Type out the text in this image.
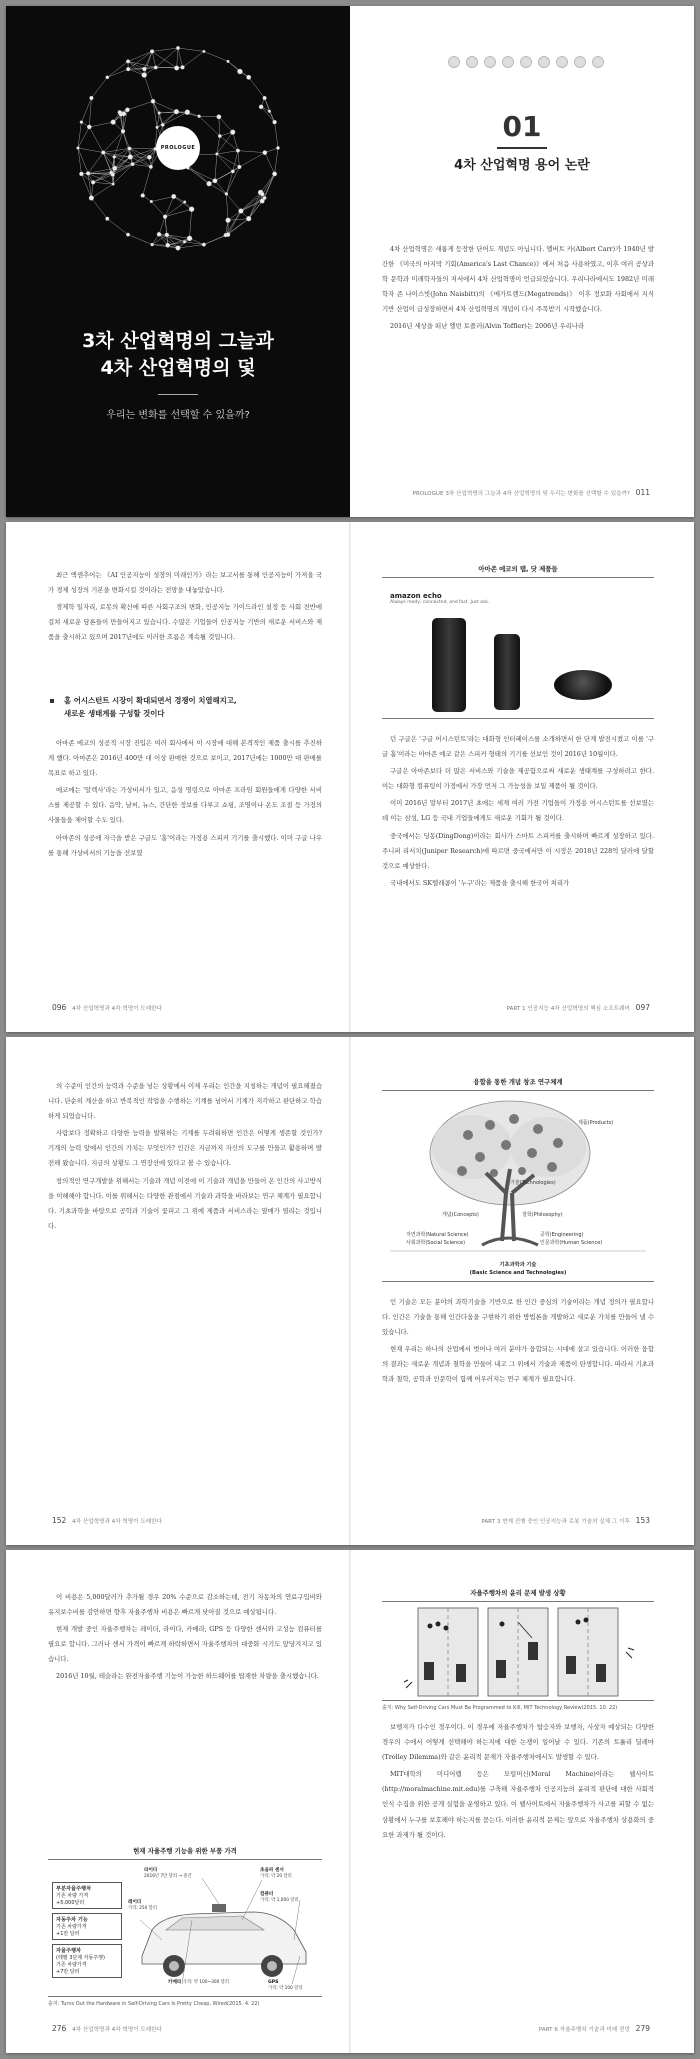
PROLOGUE
3차 산업혁명의 그늘과
4차 산업혁명의 덫
우리는 변화를 선택할 수 있을까?
01
4차 산업혁명 용어 논란

4차 산업혁명은 새롭게 등장한 단어도 개념도 아닙니다. 엘버트 카(Albert Carr)가 1940년 발간한 《미국의 마지막 기회(America's Last Chance)》에서 처음 사용하였고, 이후 여러 공상과학 문학과 미래학자들의 저서에서 4차 산업혁명이 언급되었습니다. 우리나라에서도 1982년 미래학자 존 나이스빗(John Naisbitt)의 《메가트렌드(Megatrends)》 이후 정보화 사회에서 지식 기반 산업이 급성장하면서 4차 산업혁명의 개념이 다시 주목받기 시작했습니다.

2016년 세상을 떠난 엘빈 토플러(Alvin Toffler)는 2006년 우리나라

PROLOGUE 3차 산업혁명의 그늘과 4차 산업혁명의 덫 우리는 변화를 선택할 수 있을까? 011

최근 액센추어는 《AI 인공지능이 성장의 미래인가》라는 보고서를 통해 인공지능이 가져올 국가 경제 성장의 기본을 변화시킬 것이라는 전망을 내놓았습니다.

경제학 일자리, 로봇의 확산에 따른 사회구조의 변화, 인공지능 가이드라인 설정 등 사회 전반에 걸쳐 새로운 담론들이 만들어지고 있습니다. 수많은 기업들이 인공지능 기반의 새로운 서비스와 제품을 출시하고 있으며 2017년에도 이러한 흐름은 계속될 것입니다.

홈 어시스턴트 시장이 확대되면서 경쟁이 치열해지고,
새로운 생태계를 구성할 것이다

아마존 에코의 성공적 시장 진입은 여러 회사에서 이 시장에 대해 본격적인 제품 출시를 추진하게 했다. 아마존은 2016년 400만 대 이상 판매한 것으로 보이고, 2017년에는 1000만 대 판매를 목표로 하고 있다.

에코에는 '알렉사'라는 가상비서가 있고, 음성 명령으로 아마존 프라임 회원들에게 다양한 서비스를 제공할 수 있다. 음악, 날씨, 뉴스, 간단한 정보를 다루고 쇼핑, 조명이나 온도 조절 등 가정의 사물들을 제어할 수도 있다.

아마존의 성공에 자극을 받은 구글도 '홈'이라는 가정용 스피커 기기를 출시했다. 이미 구글 나우를 통해 가상비서의 기능을 선보였

096 4차 산업혁명과 4차 혁명이 도래한다
아마존 에코의 탭, 닷 제품들
amazon echo
Always ready, connected, and fast. Just ask.

던 구글은 '구글 어시스턴트'라는 대화형 인터페이스를 소개하면서 한 단계 발전시켰고 이를 '구글 홈'이라는 아마존 에코 같은 스피커 형태의 기기를 선보인 것이 2016년 10월이다.

구글은 아마존보다 더 많은 서비스와 기술을 제공함으로써 새로운 생태계를 구성하려고 한다. 이는 대화형 컴퓨팅이 가정에서 가장 먼저 그 가능성을 보일 제품이 될 것이다.

이미 2016년 말부터 2017년 초에는 세계 여러 가전 기업들이 가정용 어시스턴트를 선보였는데 이는 삼성, LG 등 국내 기업들에게도 새로운 기회가 될 것이다.

중국에서는 딩동(DingDong)이라는 회사가 스마트 스피커를 출시하며 빠르게 성장하고 있다. 주니퍼 리서치(Juniper Research)에 따르면 중국에서만 이 시장은 2018년 228억 달러에 달할 것으로 예상한다.

국내에서도 SK텔레콤이 '누구'라는 제품을 출시해 한국어 처리가

PART 1 인공지능 4차 산업혁명의 핵심 소프트웨어 097

의 수준이 인간의 능력과 수준을 넘는 상황에서 이제 우리는 인간을 지칭하는 개념이 필요해졌습니다. 단순히 계산을 하고 반복적인 작업을 수행하는 기계를 넘어서 기계가 지각하고 판단하고 학습하게 되었습니다.

사람보다 정확하고 다양한 능력을 발휘하는 기계를 두려워하면 인간은 어떻게 생존할 것인가? 기계의 능력 앞에서 인간의 가치는 무엇인가? 인간은 지금까지 자신의 도구를 만들고 활용하며 발전해 왔습니다. 지금의 상황도 그 연장선에 있다고 볼 수 있습니다.

창의적인 연구개발을 위해서는 기술과 개념 이전에 이 기술과 개념을 만들어 온 인간의 사고방식을 이해해야 합니다. 이를 위해서는 다양한 관점에서 기술과 과학을 바라보는 연구 체계가 필요합니다. 기초과학을 바탕으로 공학과 기술이 꽃피고 그 위에 제품과 서비스라는 열매가 열리는 것입니다.

152 4차 산업혁명과 4차 혁명이 도래한다
융합을 통한 개념 창조 연구체계
제품(Products)
기술(Technologies)
개념(Concepts)	철학(Philosophy)
자연과학(Natural Science)
사회과학(Social Science)
공학(Engineering)
인문과학(Human Science)
기초과학과 기술
(Basic Science and Technologies)

인 기술은 모든 분야의 과학기술을 기반으로 한 인간 중심의 기술이라는 개념 정의가 필요합니다. 인간은 기술을 통해 인간다움을 구현하기 위한 방법론을 개발하고 새로운 가치를 만들어 낼 수 있습니다.

현재 우리는 하나의 산업에서 벗어나 여러 분야가 융합되는 시대에 살고 있습니다. 이러한 융합의 결과는 새로운 개념과 철학을 만들어 내고 그 위에서 기술과 제품이 탄생합니다. 따라서 기초과학과 철학, 공학과 인문학이 함께 어우러지는 연구 체계가 필요합니다.

PART 3 현재 진행 중인 인공지능과 로봇 기술의 실체 그 이후 153

이 비용은 5,000달러가 추가될 경우 20% 수준으로 감소하는데, 전기 자동차의 연료구입비와 유지보수비를 감안하면 향후 자율주행차 비용은 빠르게 낮아질 것으로 예상됩니다.

현재 개발 중인 자율주행차는 레이더, 라이다, 카메라, GPS 등 다양한 센서와 고성능 컴퓨터를 필요로 합니다. 그러나 센서 가격이 빠르게 하락하면서 자율주행차의 대중화 시기도 앞당겨지고 있습니다.

2016년 10월, 테슬라는 완전자율주행 기능이 가능한 하드웨어를 탑재한 차량을 출시했습니다.

현재 자율주행 기능을 위한 부품 가격
부분자율주행차
기존 차량 가격
+5,000달러
자동주차 기능
기존 차량가격
+1만 달러
자율주행차
(레벨 3단계 자동주행)
기존 차량가격
+7만 달러
라이다
2016년 7만 달러 → 중간
레이더
가격: 250 달러
초음파 센서
가격: 약 20 달러
컴퓨터
가격: 약 1,000 달러
카메라 가격: 약 100~300 달러	GPS
가격: 약 100 달러
출처: Turns Out the Hardware in Self-Driving Cars Is Pretty Cheap, Wired(2015. 4. 22)
276 4차 산업혁명과 4차 혁명이 도래한다
자율주행차의 윤리 문제 발생 상황
출처: Why Self-Driving Cars Must Be Programmed to Kill, MIT Technology Review(2015. 10. 22)

보행자가 다수인 경우이다. 이 경우에 자율주행차가 탑승자와 보행자, 사상자 예상되는 다양한 경우의 수에서 어떻게 선택해야 하는지에 대한 논쟁이 일어날 수 있다. 기존의 트롤리 딜레마(Trolley Dilemma)와 같은 윤리적 문제가 자율주행차에서도 발생할 수 있다.

MIT대학의 미디어랩 등은 모럴머신(Moral Machine)이라는 웹사이트(http://moralmachine.mit.edu)를 구축해 자율주행차 인공지능의 윤리적 판단에 대한 사회적 인식 수집을 위한 공개 실험을 운영하고 있다. 이 웹사이트에서 자율주행차가 사고를 피할 수 없는 상황에서 누구를 보호해야 하는지를 묻는다. 이러한 윤리적 문제는 앞으로 자율주행차 상용화의 중요한 과제가 될 것이다.

PART 6 자율주행차 기술과 미래 전망 279
